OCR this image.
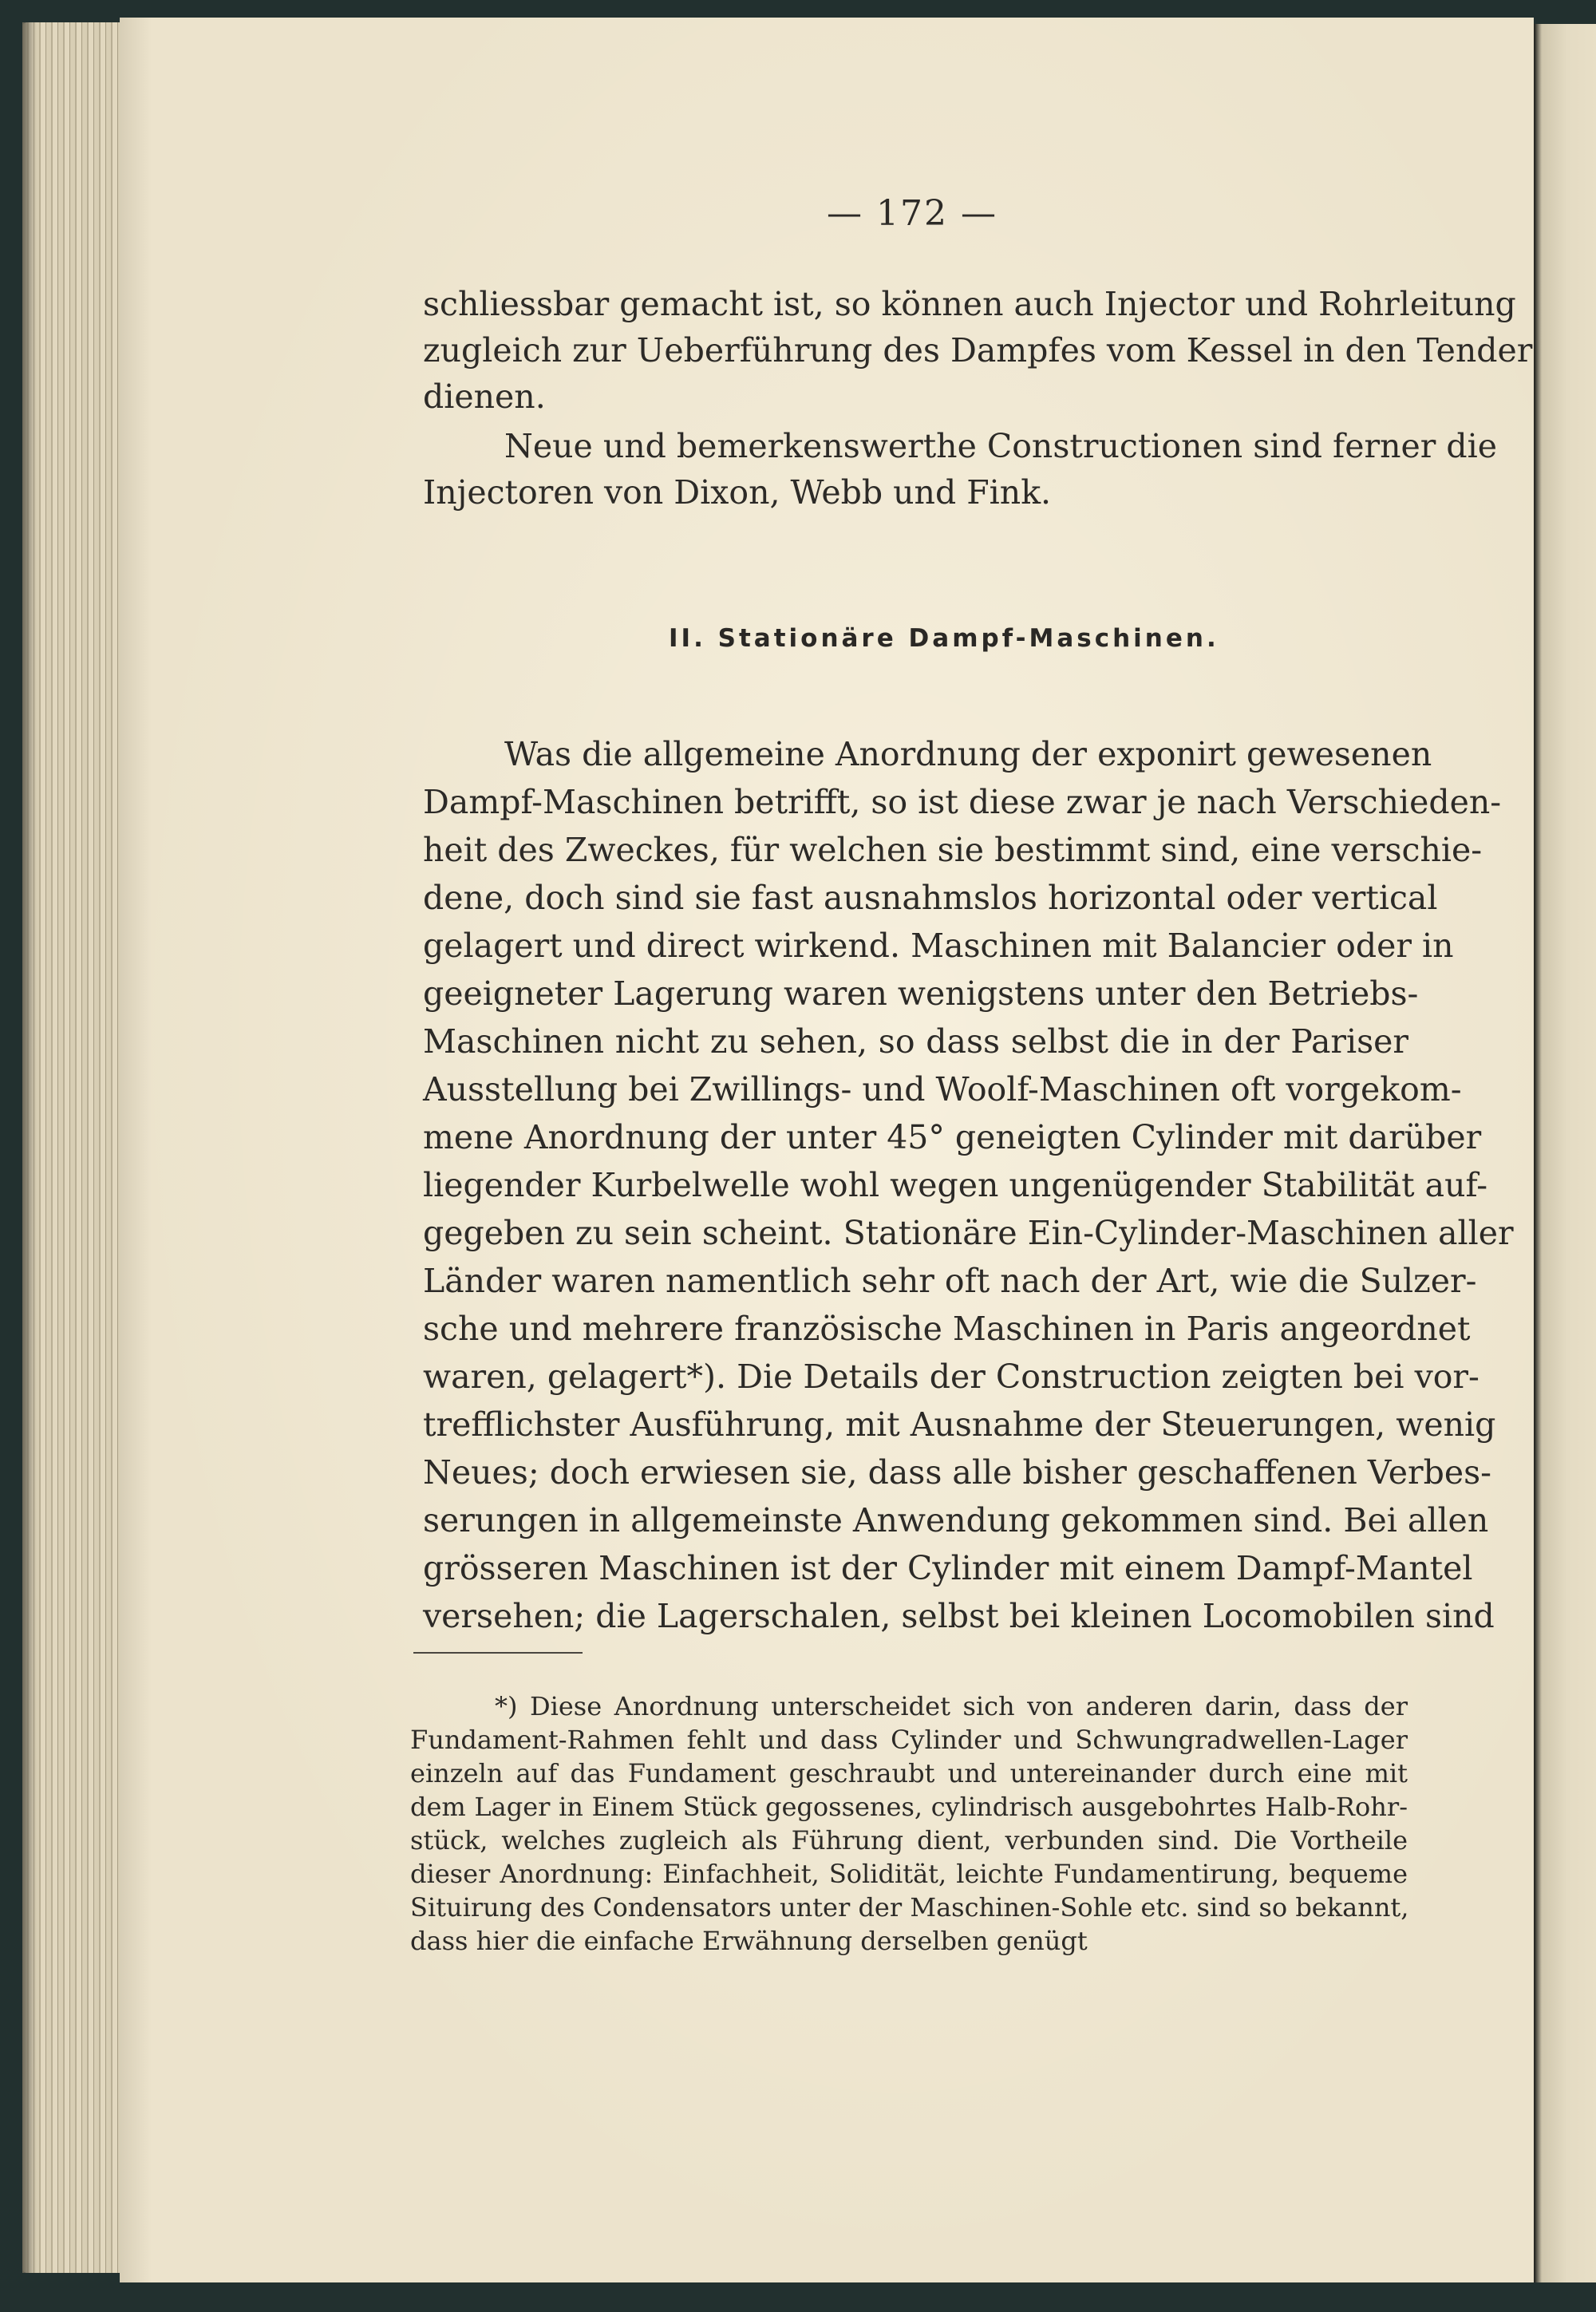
— 172 —
schliessbar gemacht ist, so können auch Injector und Rohrleitung
zugleich zur Ueberführung des Dampfes vom Kessel in den Tender
dienen.
Neue und bemerkenswerthe Constructionen sind ferner die
Injectoren von Dixon, Webb und Fink.
II. Stationäre Dampf-Maschinen.
Was die allgemeine Anordnung der exponirt gewesenen
Dampf-Maschinen betrifft, so ist diese zwar je nach Verschieden-
heit des Zweckes, für welchen sie bestimmt sind, eine verschie-
dene, doch sind sie fast ausnahmslos horizontal oder vertical
gelagert und direct wirkend. Maschinen mit Balancier oder in
geeigneter Lagerung waren wenigstens unter den Betriebs-
Maschinen nicht zu sehen, so dass selbst die in der Pariser
Ausstellung bei Zwillings- und Woolf-Maschinen oft vorgekom-
mene Anordnung der unter 45° geneigten Cylinder mit darüber
liegender Kurbelwelle wohl wegen ungenügender Stabilität auf-
gegeben zu sein scheint. Stationäre Ein-Cylinder-Maschinen aller
Länder waren namentlich sehr oft nach der Art, wie die Sulzer-
sche und mehrere französische Maschinen in Paris angeordnet
waren, gelagert*). Die Details der Construction zeigten bei vor-
trefflichster Ausführung, mit Ausnahme der Steuerungen, wenig
Neues; doch erwiesen sie, dass alle bisher geschaffenen Verbes-
serungen in allgemeinste Anwendung gekommen sind. Bei allen
grösseren Maschinen ist der Cylinder mit einem Dampf-Mantel
versehen; die Lagerschalen, selbst bei kleinen Locomobilen sind
*) Diese Anordnung unterscheidet sich von anderen darin, dass der
Fundament-Rahmen fehlt und dass Cylinder und Schwungradwellen-Lager
einzeln auf das Fundament geschraubt und untereinander durch eine mit
dem Lager in Einem Stück gegossenes, cylindrisch ausgebohrtes Halb-Rohr-
stück, welches zugleich als Führung dient, verbunden sind. Die Vortheile
dieser Anordnung: Einfachheit, Solidität, leichte Fundamentirung, bequeme
Situirung des Condensators unter der Maschinen-Sohle etc. sind so bekannt,
dass hier die einfache Erwähnung derselben genügt
